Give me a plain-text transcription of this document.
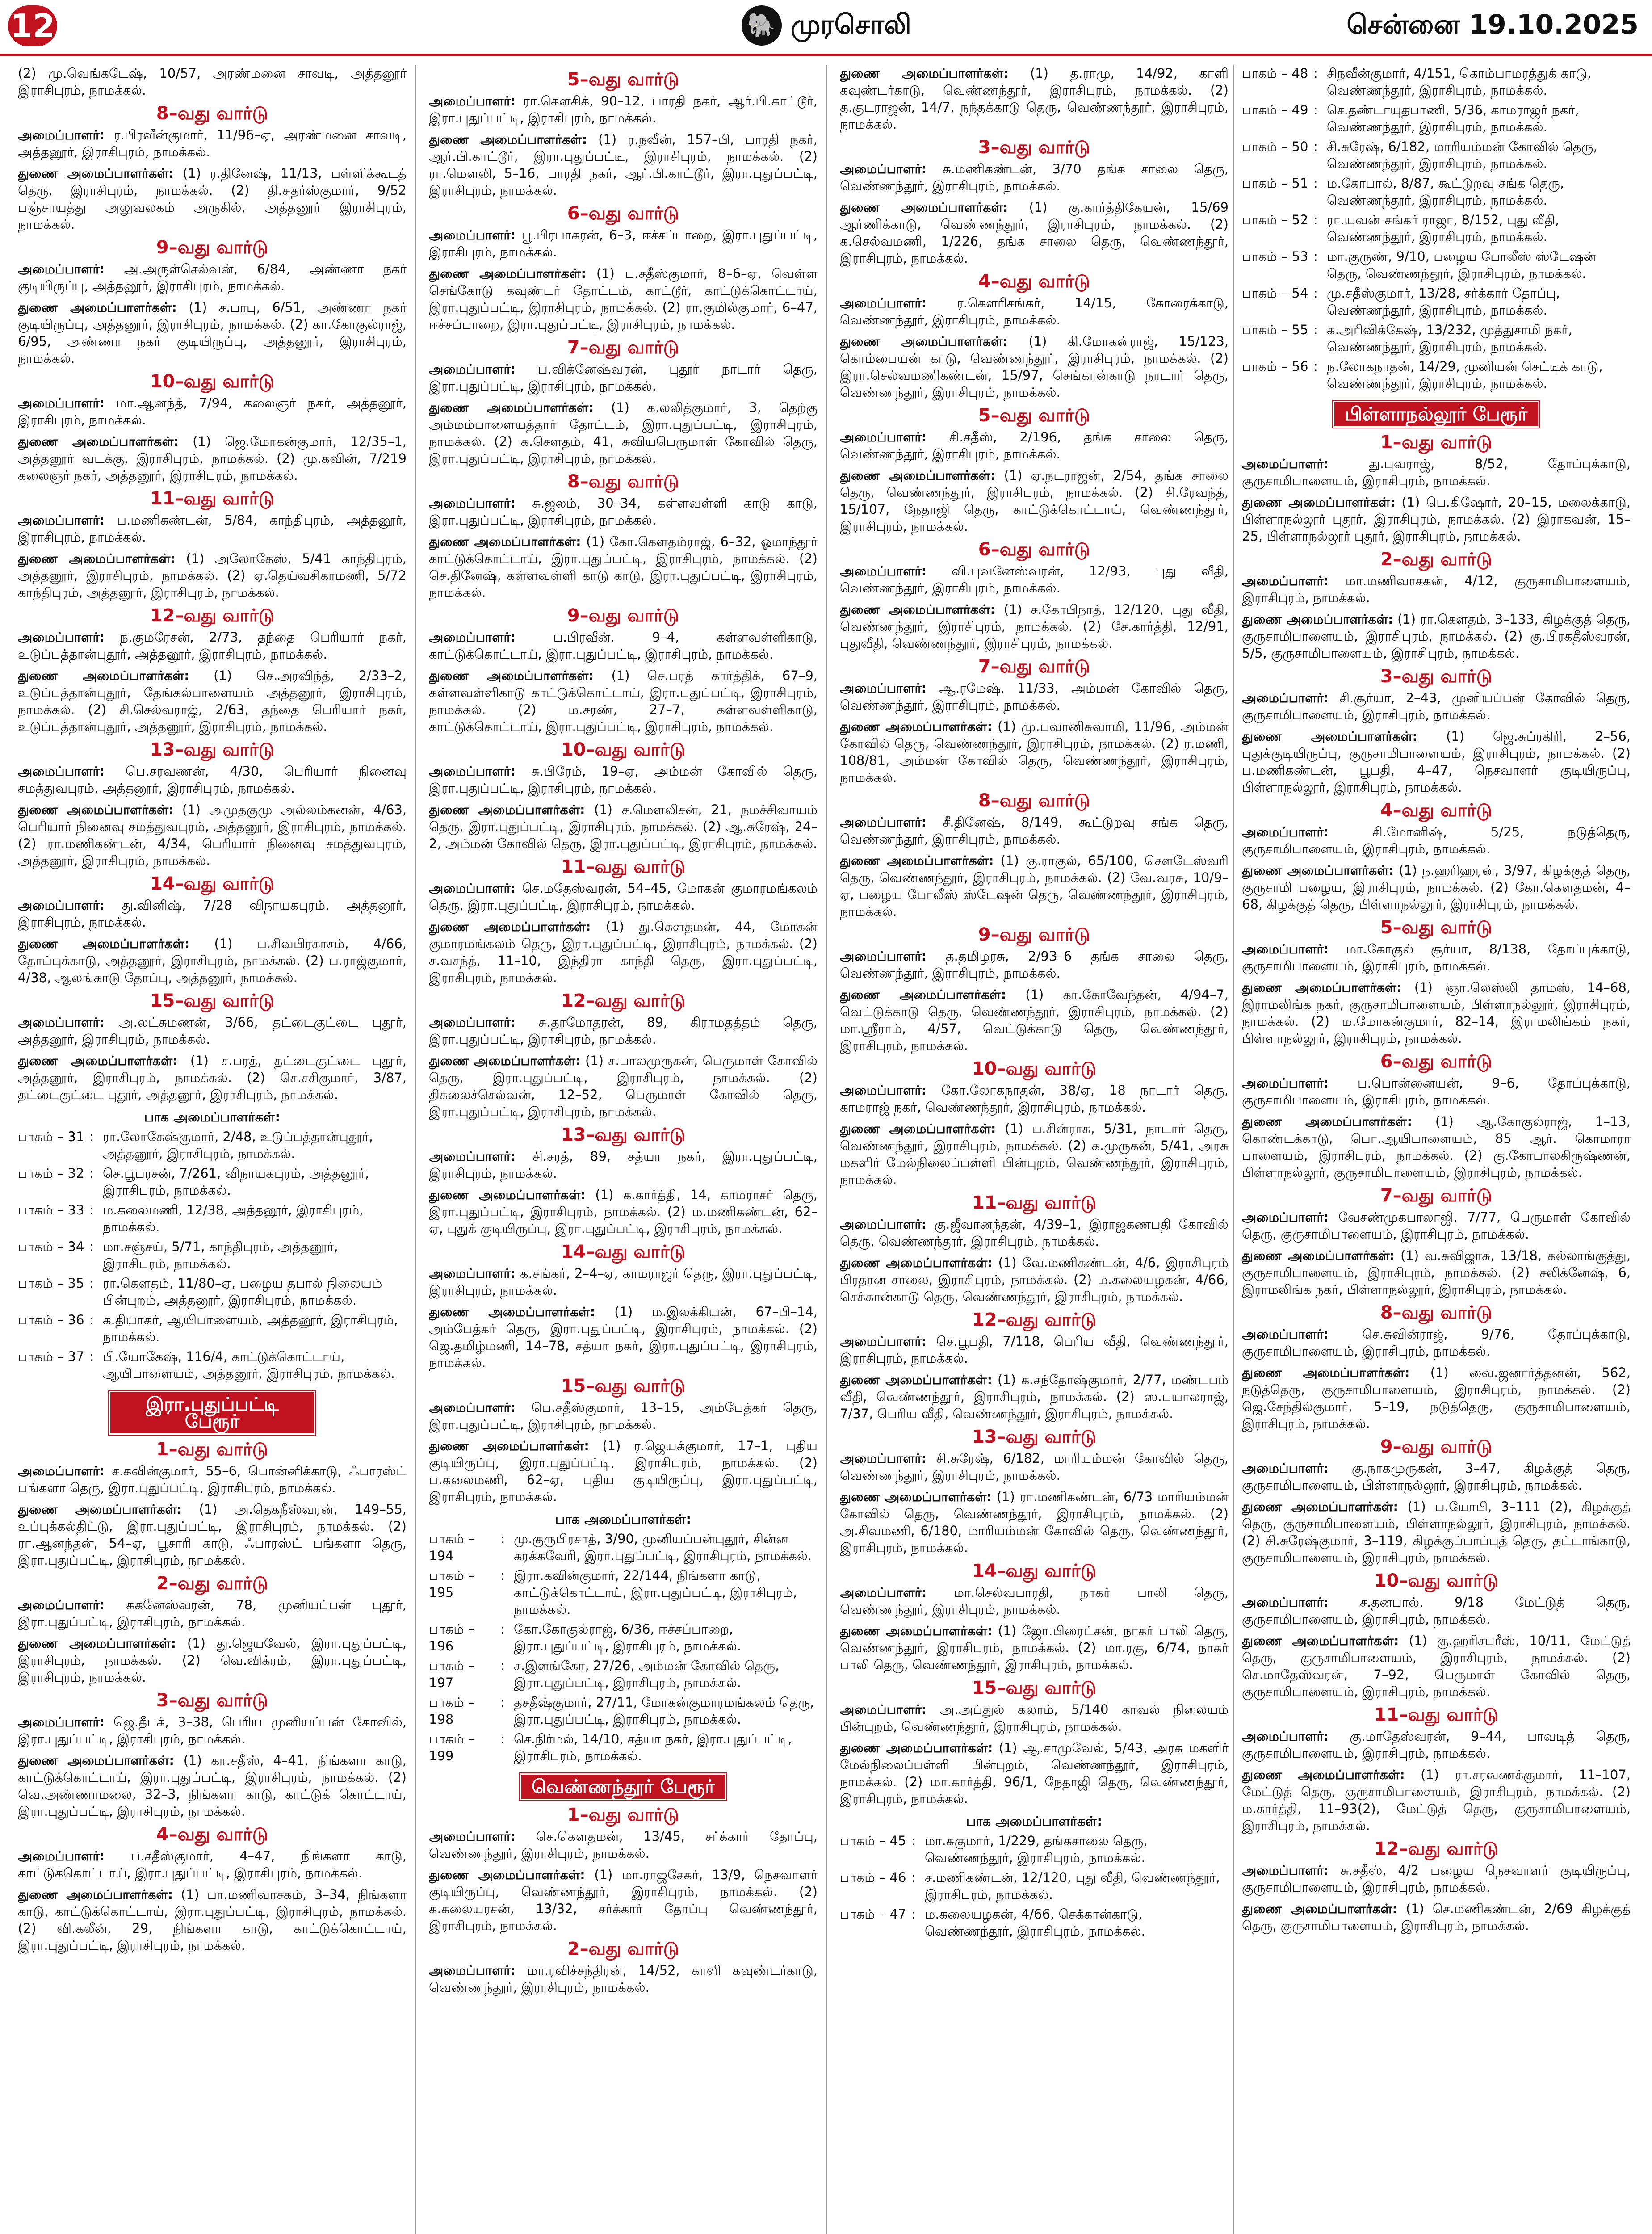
12	🐘 முரசொலி	சென்னை 19.10.2025

(2) மு.வெங்கடேஷ், 10/57, அரண்மனை சாவடி, அத்தனூர் இராசிபுரம், நாமக்கல்.

8–வது வார்டு

அமைப்பாளர்: ர.பிரவீன்குமார், 11/96–ஏ, அரண்மனை சாவடி, அத்தனூர், இராசிபுரம், நாமக்கல்.

துணை அமைப்பாளர்கள்: (1) ர.தினேஷ், 11/13, பள்ளிக்கூடத் தெரு, இராசிபுரம், நாமக்கல். (2) தி.சுதர்ஸ்குமார், 9/52 பஞ்சாயத்து அலுவலகம் அருகில், அத்தனூர் இராசிபுரம், நாமக்கல்.

9–வது வார்டு

அமைப்பாளர்: அ.அருள்செல்வன், 6/84, அண்ணா நகர் குடியிருப்பு, அத்தனூர், இராசிபுரம், நாமக்கல்.

துணை அமைப்பாளர்கள்: (1) ச.பாபு, 6/51, அண்ணா நகர் குடியிருப்பு, அத்தனூர், இராசிபுரம், நாமக்கல். (2) கா.கோகுல்ராஜ், 6/95, அண்ணா நகர் குடியிருப்பு, அத்தனூர், இராசிபுரம், நாமக்கல்.

10–வது வார்டு

அமைப்பாளர்: மா.ஆனந்த், 7/94, கலைஞர் நகர், அத்தனூர், இராசிபுரம், நாமக்கல்.

துணை அமைப்பாளர்கள்: (1) ஜெ.மோகன்குமார், 12/35–1, அத்தனூர் வடக்கு, இராசிபுரம், நாமக்கல். (2) மு.கவின், 7/219 கலைஞர் நகர், அத்தனூர், இராசிபுரம், நாமக்கல்.

11–வது வார்டு

அமைப்பாளர்: ப.மணிகண்டன், 5/84, காந்திபுரம், அத்தனூர், இராசிபுரம், நாமக்கல்.

துணை அமைப்பாளர்கள்: (1) அலோகேஸ், 5/41 காந்திபுரம், அத்தனூர், இராசிபுரம், நாமக்கல். (2) ஏ.தெய்வசிகாமணி, 5/72 காந்திபுரம், அத்தனூர், இராசிபுரம், நாமக்கல்.

12–வது வார்டு

அமைப்பாளர்: ந.குமரேசன், 2/73, தந்தை பெரியார் நகர், உடுப்பத்தான்புதூர், அத்தனூர், இராசிபுரம், நாமக்கல்.

துணை அமைப்பாளர்கள்: (1) செ.அரவிந்த், 2/33–2, உடுப்பத்தான்புதூர், தேங்கல்பாளையம் அத்தனூர், இராசிபுரம், நாமக்கல். (2) சி.செல்வராஜ், 2/63, தந்தை பெரியார் நகர், உடுப்பத்தான்புதூர், அத்தனூர், இராசிபுரம், நாமக்கல்.

13–வது வார்டு

அமைப்பாளர்: பெ.சரவணன், 4/30, பெரியார் நினைவு சமத்துவபுரம், அத்தனூர், இராசிபுரம், நாமக்கல்.

துணை அமைப்பாளர்கள்: (1) அமுதகுமு அல்லம்கனன், 4/63, பெரியார் நினைவு சமத்துவபுரம், அத்தனூர், இராசிபுரம், நாமக்கல். (2) ரா.மணிகண்டன், 4/34, பெரியார் நினைவு சமத்துவபுரம், அத்தனூர், இராசிபுரம், நாமக்கல்.

14–வது வார்டு

அமைப்பாளர்: து.வினிஷ், 7/28 விநாயகபுரம், அத்தனூர், இராசிபுரம், நாமக்கல்.

துணை அமைப்பாளர்கள்: (1) ப.சிவபிரகாசம், 4/66, தோப்புக்காடு, அத்தனூர், இராசிபுரம், நாமக்கல். (2) ப.ராஜ்குமார், 4/38, ஆலங்காடு தோப்பு, அத்தனூர், நாமக்கல்.

15–வது வார்டு

அமைப்பாளர்: அ.லட்சுமணன், 3/66, தட்டைகுட்டை புதூர், அத்தனூர், இராசிபுரம், நாமக்கல்.

துணை அமைப்பாளர்கள்: (1) ச.பரத், தட்டைகுட்டை புதூர், அத்தனூர், இராசிபுரம், நாமக்கல். (2) செ.சசிகுமார், 3/87, தட்டைகுட்டை புதூர், அத்தனூர், இராசிபுரம், நாமக்கல்.

பாக அமைப்பாளர்கள்:
பாகம் – 31 : ரா.லோகேஷ்குமார், 2/48, உடுப்பத்தான்புதூர், அத்தனூர், இராசிபுரம், நாமக்கல்.
பாகம் – 32 : செ.பூபரசன், 7/261, விநாயகபுரம், அத்தனூர், இராசிபுரம், நாமக்கல்.
பாகம் – 33 : ம.கலைமணி, 12/38, அத்தனூர், இராசிபுரம், நாமக்கல்.
பாகம் – 34 : மா.சஞ்சய், 5/71, காந்திபுரம், அத்தனூர், இராசிபுரம், நாமக்கல்.
பாகம் – 35 : ரா.கௌதம், 11/80–ஏ, பழைய தபால் நிலையம் பின்புறம், அத்தனூர், இராசிபுரம், நாமக்கல்.
பாகம் – 36 : க.தியாகர், ஆயிபாளையம், அத்தனூர், இராசிபுரம், நாமக்கல்.
பாகம் – 37 : பி.யோகேஷ், 116/4, காட்டுக்கொட்டாய், ஆயிபாளையம், அத்தனூர், இராசிபுரம், நாமக்கல்.
இரா.புதுப்பட்டி பேரூர்
1–வது வார்டு

அமைப்பாளர்: ச.கவின்குமார், 55–6, பொன்னிக்காடு, ஃபாரஸ்ட் பங்களா தெரு, இரா.புதுப்பட்டி, இராசிபுரம், நாமக்கல்.

துணை அமைப்பாளர்கள்: (1) அ.தெகநீஸ்வரன், 149–55, உப்புக்கல்திட்டு, இரா.புதுப்பட்டி, இராசிபுரம், நாமக்கல். (2) ரா.ஆனந்தன், 54–ஏ, பூசாரி காடு, ஃபாரஸ்ட் பங்களா தெரு, இரா.புதுப்பட்டி, இராசிபுரம், நாமக்கல்.

2–வது வார்டு

அமைப்பாளர்: சுகனேஸ்வரன், 78, முனியப்பன் புதூர், இரா.புதுப்பட்டி, இராசிபுரம், நாமக்கல்.

துணை அமைப்பாளர்கள்: (1) து.ஜெயவேல், இரா.புதுப்பட்டி, இராசிபுரம், நாமக்கல். (2) வெ.விக்ரம், இரா.புதுப்பட்டி, இராசிபுரம், நாமக்கல்.

3–வது வார்டு

அமைப்பாளர்: ஜெ.தீபக், 3–38, பெரிய முனியப்பன் கோவில், இரா.புதுப்பட்டி, இராசிபுரம், நாமக்கல்.

துணை அமைப்பாளர்கள்: (1) கா.சதீஸ், 4–41, நிங்களா காடு, காட்டுக்கொட்டாய், இரா.புதுப்பட்டி, இராசிபுரம், நாமக்கல். (2) வெ.அண்ணாமலை, 32–3, நிங்களா காடு, காட்டுக் கொட்டாய், இரா.புதுப்பட்டி, இராசிபுரம், நாமக்கல்.

4–வது வார்டு

அமைப்பாளர்: ப.சதீஸ்குமார், 4–47, நிங்களா காடு, காட்டுக்கொட்டாய், இரா.புதுப்பட்டி, இராசிபுரம், நாமக்கல்.

துணை அமைப்பாளர்கள்: (1) பா.மணிவாசகம், 3–34, நிங்களா காடு, காட்டுக்கொட்டாய், இரா.புதுப்பட்டி, இராசிபுரம், நாமக்கல். (2) வி.கலீன், 29, நிங்களா காடு, காட்டுக்கொட்டாய், இரா.புதுப்பட்டி, இராசிபுரம், நாமக்கல்.

5–வது வார்டு

அமைப்பாளர்: ரா.கௌசிக், 90–12, பாரதி நகர், ஆர்.பி.காட்டூர், இரா.புதுப்பட்டி, இராசிபுரம், நாமக்கல்.

துணை அமைப்பாளர்கள்: (1) ர.நவீன், 157–பி, பாரதி நகர், ஆர்.பி.காட்டூர், இரா.புதுப்பட்டி, இராசிபுரம், நாமக்கல். (2) ரா.மௌலி, 5–16, பாரதி நகர், ஆர்.பி.காட்டூர், இரா.புதுப்பட்டி, இராசிபுரம், நாமக்கல்.

6–வது வார்டு

அமைப்பாளர்: பூ.பிரபாகரன், 6–3, ஈச்சப்பாறை, இரா.புதுப்பட்டி, இராசிபுரம், நாமக்கல்.

துணை அமைப்பாளர்கள்: (1) ப.சதீஸ்குமார், 8–6–ஏ, வெள்ள செங்கோடு கவுண்டர் தோட்டம், காட்டூர், காட்டுக்கொட்டாய், இரா.புதுப்பட்டி, இராசிபுரம், நாமக்கல். (2) ரா.குமில்குமார், 6–47, ஈச்சப்பாறை, இரா.புதுப்பட்டி, இராசிபுரம், நாமக்கல்.

7–வது வார்டு

அமைப்பாளர்: ப.விக்னேஷ்வரன், புதூர் நாடார் தெரு, இரா.புதுப்பட்டி, இராசிபுரம், நாமக்கல்.

துணை அமைப்பாளர்கள்: (1) க.லலித்குமார், 3, தெற்கு அம்மம்பாளையத்தார் தோட்டம், இரா.புதுப்பட்டி, இராசிபுரம், நாமக்கல். (2) க.சௌதம், 41, சுவியபெருமாள் கோவில் தெரு, இரா.புதுப்பட்டி, இராசிபுரம், நாமக்கல்.

8–வது வார்டு

அமைப்பாளர்: சு.ஜலம், 30–34, கள்ளவள்ளி காடு காடு, இரா.புதுப்பட்டி, இராசிபுரம், நாமக்கல்.

துணை அமைப்பாளர்கள்: (1) கோ.கௌதம்ராஜ், 6–32, ஓமாந்தூர் காட்டுக்கொட்டாய், இரா.புதுப்பட்டி, இராசிபுரம், நாமக்கல். (2) செ.தினேஷ், கள்ளவள்ளி காடு காடு, இரா.புதுப்பட்டி, இராசிபுரம், நாமக்கல்.

9–வது வார்டு

அமைப்பாளர்:	ப.பிரவீன், 9–4, கள்ளவள்ளிகாடு, காட்டுக்கொட்டாய், இரா.புதுப்பட்டி, இராசிபுரம், நாமக்கல்.

துணை அமைப்பாளர்கள்: (1) செ.பரத் கார்த்திக், 67–9, கள்ளவள்ளிகாடு காட்டுக்கொட்டாய், இரா.புதுப்பட்டி, இராசிபுரம், நாமக்கல். (2) ம.சரண், 27–7, கள்ளவள்ளிகாடு, காட்டுக்கொட்டாய், இரா.புதுப்பட்டி, இராசிபுரம், நாமக்கல்.

10–வது வார்டு

அமைப்பாளர்: சு.பிரேம், 19–ஏ, அம்மன் கோவில் தெரு, இரா.புதுப்பட்டி, இராசிபுரம், நாமக்கல்.

துணை அமைப்பாளர்கள்: (1) ச.மௌலிசன், 21, நமச்சிவாயம் தெரு, இரா.புதுப்பட்டி, இராசிபுரம், நாமக்கல். (2) ஆ.சுரேஷ், 24–2, அம்மன் கோவில் தெரு, இரா.புதுப்பட்டி, இராசிபுரம், நாமக்கல்.

11–வது வார்டு

அமைப்பாளர்: செ.மதேஸ்வரன், 54–45, மோகன் குமாரமங்கலம் தெரு, இரா.புதுப்பட்டி, இராசிபுரம், நாமக்கல்.

துணை அமைப்பாளர்கள்: (1) து.கௌதமன், 44, மோகன் குமாரமங்கலம் தெரு, இரா.புதுப்பட்டி, இராசிபுரம், நாமக்கல். (2) ச.வசந்த், 11–10, இந்திரா காந்தி தெரு, இரா.புதுப்பட்டி, இராசிபுரம், நாமக்கல்.

12–வது வார்டு

அமைப்பாளர்: சு.தாமோதரன், 89, கிராமதத்தம் தெரு, இரா.புதுப்பட்டி, இராசிபுரம், நாமக்கல்.

துணை அமைப்பாளர்கள்: (1) ச.பாலமுருகன், பெருமாள் கோவில் தெரு, இரா.புதுப்பட்டி, இராசிபுரம், நாமக்கல். (2) திகலைச்செல்வன், 12–52, பெருமாள் கோவில் தெரு, இரா.புதுப்பட்டி, இராசிபுரம், நாமக்கல்.

13–வது வார்டு

அமைப்பாளர்: சி.சரத், 89, சத்யா நகர், இரா.புதுப்பட்டி, இராசிபுரம், நாமக்கல்.

துணை அமைப்பாளர்கள்: (1) க.கார்த்தி, 14, காமராசர் தெரு, இரா.புதுப்பட்டி, இராசிபுரம், நாமக்கல். (2) ம.மணிகண்டன், 62–ஏ, புதுக் குடியிருப்பு, இரா.புதுப்பட்டி, இராசிபுரம், நாமக்கல்.

14–வது வார்டு

அமைப்பாளர்: க.சங்கர், 2–4–ஏ, காமராஜர் தெரு, இரா.புதுப்பட்டி, இராசிபுரம், நாமக்கல்.

துணை அமைப்பாளர்கள்: (1) ம.இலக்கியன், 67–பி–14, அம்பேத்கர் தெரு, இரா.புதுப்பட்டி, இராசிபுரம், நாமக்கல். (2) ஜெ.தமிழ்மணி, 14–78, சத்யா நகர், இரா.புதுப்பட்டி, இராசிபுரம், நாமக்கல்.

15–வது வார்டு

அமைப்பாளர்: பெ.சதீஸ்குமார், 13–15, அம்பேத்கர் தெரு, இரா.புதுப்பட்டி, இராசிபுரம், நாமக்கல்.

துணை அமைப்பாளர்கள்: (1) ர.ஜெயக்குமார், 17–1, புதிய குடியிருப்பு, இரா.புதுப்பட்டி, இராசிபுரம், நாமக்கல். (2) ப.கலைமணி, 62–ஏ, புதிய குடியிருப்பு, இரா.புதுப்பட்டி, இராசிபுரம், நாமக்கல்.

பாக அமைப்பாளர்கள்:
பாகம் – 194
: மு.குருபிரசாத், 3/90, முனியப்பன்புதூர், சின்ன கரக்கவேரி, இரா.புதுப்பட்டி, இராசிபுரம், நாமக்கல்.
பாகம் – 195
: இரா.கவின்குமார், 22/144, நிங்களா காடு, காட்டுக்கொட்டாய், இரா.புதுப்பட்டி, இராசிபுரம், நாமக்கல்.
பாகம் – 196
: கோ.கோகுல்ராஜ், 6/36, ஈச்சப்பாறை, இரா.புதுப்பட்டி, இராசிபுரம், நாமக்கல்.
பாகம் – 197
: ச.இளங்கோ, 27/26, அம்மன் கோவில் தெரு, இரா.புதுப்பட்டி, இராசிபுரம், நாமக்கல்.
பாகம் – 198
: தசதீஷ்குமார், 27/11, மோகன்குமாரமங்கலம் தெரு, இரா.புதுப்பட்டி, இராசிபுரம், நாமக்கல்.
பாகம் – 199
: செ.நிர்மல், 14/10, சத்யா நகர், இரா.புதுப்பட்டி, இராசிபுரம், நாமக்கல்.
வெண்ணந்தூர் பேரூர்
1–வது வார்டு

அமைப்பாளர்: செ.கௌதமன், 13/45, சர்க்கார் தோப்பு, வெண்ணந்தூர், இராசிபுரம், நாமக்கல்.

துணை அமைப்பாளர்கள்: (1) மா.ராஜசேகர், 13/9, நெசவாளர் குடியிருப்பு, வெண்ணந்தூர், இராசிபுரம், நாமக்கல். (2) க.கலையரசன், 13/32, சர்க்கார் தோப்பு வெண்ணந்தூர், இராசிபுரம், நாமக்கல்.

2–வது வார்டு

அமைப்பாளர்: மா.ரவிச்சந்திரன், 14/52, காளி கவுண்டர்காடு, வெண்ணந்தூர், இராசிபுரம், நாமக்கல்.

துணை அமைப்பாளர்கள்: (1) த.ராமு, 14/92, காளி கவுண்டர்காடு, வெண்ணந்தூர், இராசிபுரம், நாமக்கல். (2) த.குடராஜன், 14/7, நந்தக்காடு தெரு, வெண்ணந்தூர், இராசிபுரம், நாமக்கல்.

3–வது வார்டு

அமைப்பாளர்: சு.மணிகண்டன், 3/70 தங்க சாலை தெரு, வெண்ணந்தூர், இராசிபுரம், நாமக்கல்.

துணை அமைப்பாளர்கள்: (1) கு.கார்த்திகேயன், 15/69 ஆர்ணிக்காடு, வெண்ணந்தூர், இராசிபுரம், நாமக்கல். (2) க.செல்வமணி, 1/226, தங்க சாலை தெரு, வெண்ணந்தூர், இராசிபுரம், நாமக்கல்.

4–வது வார்டு

அமைப்பாளர்: ர.கௌரிசங்கர், 14/15, கோரைக்காடு, வெண்ணந்தூர், இராசிபுரம், நாமக்கல்.

துணை அமைப்பாளர்கள்: (1) கி.மோகன்ராஜ், 15/123, கொம்பையன் காடு, வெண்ணந்தூர், இராசிபுரம், நாமக்கல். (2) இரா.செல்வமணிகண்டன், 15/97, செங்கான்காடு நாடார் தெரு, வெண்ணந்தூர், இராசிபுரம், நாமக்கல்.

5–வது வார்டு

அமைப்பாளர்: சி.சதீஸ், 2/196, தங்க சாலை தெரு, வெண்ணந்தூர், இராசிபுரம், நாமக்கல்.

துணை அமைப்பாளர்கள்: (1) ஏ.நடராஜன், 2/54, தங்க சாலை தெரு, வெண்ணந்தூர், இராசிபுரம், நாமக்கல். (2) சி.ரேவந்த், 15/107, நேதாஜி தெரு, காட்டுக்கொட்டாய், வெண்ணந்தூர், இராசிபுரம், நாமக்கல்.

6–வது வார்டு

அமைப்பாளர்: வி.புவனேஸ்வரன், 12/93, புது வீதி, வெண்ணந்தூர், இராசிபுரம், நாமக்கல்.

துணை அமைப்பாளர்கள்: (1) ச.கோபிநாத், 12/120, புது வீதி, வெண்ணந்தூர், இராசிபுரம், நாமக்கல். (2) சே.கார்த்தி, 12/91, புதுவீதி, வெண்ணந்தூர், இராசிபுரம், நாமக்கல்.

7–வது வார்டு

அமைப்பாளர்: ஆ.ரமேஷ், 11/33, அம்மன் கோவில் தெரு, வெண்ணந்தூர், இராசிபுரம், நாமக்கல்.

துணை அமைப்பாளர்கள்: (1) மு.பவானிசுவாமி, 11/96, அம்மன் கோவில் தெரு, வெண்ணந்தூர், இராசிபுரம், நாமக்கல். (2) ர.மணி, 108/81, அம்மன் கோவில் தெரு, வெண்ணந்தூர், இராசிபுரம், நாமக்கல்.

8–வது வார்டு

அமைப்பாளர்: சீ.தினேஷ், 8/149, கூட்டுறவு சங்க தெரு, வெண்ணந்தூர், இராசிபுரம், நாமக்கல்.

துணை அமைப்பாளர்கள்: (1) கு.ராகுல், 65/100, சௌடேஸ்வரி தெரு, வெண்ணந்தூர், இராசிபுரம், நாமக்கல். (2) வே.வரசு, 10/9–ஏ, பழைய போலீஸ் ஸ்டேஷன் தெரு, வெண்ணந்தூர், இராசிபுரம், நாமக்கல்.

9–வது வார்டு

அமைப்பாளர்: த.தமிழரசு, 2/93–6 தங்க சாலை தெரு, வெண்ணந்தூர், இராசிபுரம், நாமக்கல்.

துணை அமைப்பாளர்கள்: (1) கா.கோவேந்தன், 4/94–7, வெட்டுக்காடு தெரு, வெண்ணந்தூர், இராசிபுரம், நாமக்கல். (2) மா.ஸ்ரீராம், 4/57, வெட்டுக்காடு தெரு, வெண்ணந்தூர், இராசிபுரம், நாமக்கல்.

10–வது வார்டு

அமைப்பாளர்: கோ.லோகநாதன், 38/ஏ, 18 நாடார் தெரு, காமராஜ் நகர், வெண்ணந்தூர், இராசிபுரம், நாமக்கல்.

துணை அமைப்பாளர்கள்: (1) ப.சின்ராசு, 5/31, நாடார் தெரு, வெண்ணந்தூர், இராசிபுரம், நாமக்கல். (2) க.முருகன், 5/41, அரசு மகளிர் மேல்நிலைப்பள்ளி பின்புறம், வெண்ணந்தூர், இராசிபுரம், நாமக்கல்.

11–வது வார்டு

அமைப்பாளர்: கு.ஜீவானந்தன், 4/39–1, இராஜகணபதி கோவில் தெரு, வெண்ணந்தூர், இராசிபுரம், நாமக்கல்.

துணை அமைப்பாளர்கள்: (1) வே.மணிகண்டன், 4/6, இராசிபுரம் பிரதான சாலை, இராசிபுரம், நாமக்கல். (2) ம.கலையழகன், 4/66, செக்கான்காடு தெரு, வெண்ணந்தூர், இராசிபுரம், நாமக்கல்.

12–வது வார்டு

அமைப்பாளர்: செ.பூபதி, 7/118, பெரிய வீதி, வெண்ணந்தூர், இராசிபுரம், நாமக்கல்.

துணை அமைப்பாளர்கள்: (1) க.சந்தோஷ்குமார், 2/77, மண்டபம் வீதி, வெண்ணந்தூர், இராசிபுரம், நாமக்கல். (2) ஸ.பயாலராஜ், 7/37, பெரிய வீதி, வெண்ணந்தூர், இராசிபுரம், நாமக்கல்.

13–வது வார்டு

அமைப்பாளர்: சி.சுரேஷ், 6/182, மாரியம்மன் கோவில் தெரு, வெண்ணந்தூர், இராசிபுரம், நாமக்கல்.

துணை அமைப்பாளர்கள்: (1) ரா.மணிகண்டன், 6/73 மாரியம்மன் கோவில் தெரு, வெண்ணந்தூர், இராசிபுரம், நாமக்கல். (2) அ.சிவமணி, 6/180, மாரியம்மன் கோவில் தெரு, வெண்ணந்தூர், இராசிபுரம், நாமக்கல்.

14–வது வார்டு

அமைப்பாளர்: மா.செல்வபாரதி, நாகர் பாலி தெரு, வெண்ணந்தூர், இராசிபுரம், நாமக்கல்.

துணை அமைப்பாளர்கள்: (1) ஜோ.பிரைட்சன், நாகர் பாலி தெரு, வெண்ணந்தூர், இராசிபுரம், நாமக்கல். (2) மா.ரகு, 6/74, நாகர் பாலி தெரு, வெண்ணந்தூர், இராசிபுரம், நாமக்கல்.

15–வது வார்டு

அமைப்பாளர்: அ.அப்துல் கலாம், 5/140 காவல் நிலையம் பின்புறம், வெண்ணந்தூர், இராசிபுரம், நாமக்கல்.

துணை அமைப்பாளர்கள்: (1) ஆ.சாமுவேல், 5/43, அரசு மகளிர் மேல்நிலைப்பள்ளி பின்புறம், வெண்ணந்தூர், இராசிபுரம், நாமக்கல். (2) மா.கார்த்தி, 96/1, நேதாஜி தெரு, வெண்ணந்தூர், இராசிபுரம், நாமக்கல்.

பாக அமைப்பாளர்கள்:
பாகம் – 45 : மா.சுகுமார், 1/229, தங்கசாலை தெரு, வெண்ணந்தூர், இராசிபுரம், நாமக்கல்.
பாகம் – 46 : ச.மணிகண்டன், 12/120, புது வீதி, வெண்ணந்தூர், இராசிபுரம், நாமக்கல்.
பாகம் – 47 : ம.கலையழகன், 4/66, செக்கான்காடு, வெண்ணந்தூர், இராசிபுரம், நாமக்கல்.
பாகம் – 48 : சிநவீன்குமார், 4/151, கொம்பாமரத்துக் காடு, வெண்ணந்தூர், இராசிபுரம், நாமக்கல்.
பாகம் – 49 : செ.தண்டாயுதபாணி, 5/36, காமராஜர் நகர், வெண்ணந்தூர், இராசிபுரம், நாமக்கல்.
பாகம் – 50 : சி.சுரேஷ், 6/182, மாரியம்மன் கோவில் தெரு, வெண்ணந்தூர், இராசிபுரம், நாமக்கல்.
பாகம் – 51 : ம.கோபால், 8/87, கூட்டுறவு சங்க தெரு, வெண்ணந்தூர், இராசிபுரம், நாமக்கல்.
பாகம் – 52 : ரா.யுவன் சங்கர் ராஜா, 8/152, புது வீதி, வெண்ணந்தூர், இராசிபுரம், நாமக்கல்.
பாகம் – 53 : மா.குருண், 9/10, பழைய போலீஸ் ஸ்டேஷன் தெரு, வெண்ணந்தூர், இராசிபுரம், நாமக்கல்.
பாகம் – 54 : மு.சதீஸ்குமார், 13/28, சர்க்கார் தோப்பு, வெண்ணந்தூர், இராசிபுரம், நாமக்கல்.
பாகம் – 55 : க.அரிவிக்கேஷ், 13/232, முத்துசாமி நகர், வெண்ணந்தூர், இராசிபுரம், நாமக்கல்.
பாகம் – 56 : ந.லோகநாதன், 14/29, முனியன் செட்டிக் காடு, வெண்ணந்தூர், இராசிபுரம், நாமக்கல்.
பிள்ளாநல்லூர் பேரூர்
1–வது வார்டு

அமைப்பாளர்:	து.புவராஜ், 8/52, தோப்புக்காடு, குருசாமிபாளையம், இராசிபுரம், நாமக்கல்.

துணை அமைப்பாளர்கள்: (1) பெ.கிஷோர், 20–15, மலைக்காடு, பிள்ளாநல்லூர் புதூர், இராசிபுரம், நாமக்கல். (2) இராகவன், 15–25, பிள்ளாநல்லூர் புதூர், இராசிபுரம், நாமக்கல்.

2–வது வார்டு

அமைப்பாளர்: மா.மணிவாசகன், 4/12, குருசாமிபாளையம், இராசிபுரம், நாமக்கல்.

துணை அமைப்பாளர்கள்: (1) ரா.கௌதம், 3–133, கிழக்குத் தெரு, குருசாமிபாளையம், இராசிபுரம், நாமக்கல். (2) கு.பிரகதீஸ்வரன், 5/5, குருசாமிபாளையம், இராசிபுரம், நாமக்கல்.

3–வது வார்டு

அமைப்பாளர்: சி.சூர்யா, 2–43, முனியப்பன் கோவில் தெரு, குருசாமிபாளையம், இராசிபுரம், நாமக்கல்.

துணை அமைப்பாளர்கள்: (1) ஜெ.சுப்ரகிரி, 2–56, புதுக்குடியிருப்பு, குருசாமிபாளையம், இராசிபுரம், நாமக்கல். (2) ப.மணிகண்டன், பூபதி, 4–47, நெசவாளர் குடியிருப்பு, பிள்ளாநல்லூர், இராசிபுரம், நாமக்கல்.

4–வது வார்டு

அமைப்பாளர்:	சி.மோனிஷ், 5/25, நடுத்தெரு, குருசாமிபாளையம், இராசிபுரம், நாமக்கல்.

துணை அமைப்பாளர்கள்: (1) ந.ஹரிஹரன், 3/97, கிழக்குத் தெரு, குருசாமி பழைய, இராசிபுரம், நாமக்கல். (2) கோ.கௌதமன், 4–68, கிழக்குத் தெரு, பிள்ளாநல்லூர், இராசிபுரம், நாமக்கல்.

5–வது வார்டு

அமைப்பாளர்: மா.கோகுல் சூர்யா, 8/138, தோப்புக்காடு, குருசாமிபாளையம், இராசிபுரம், நாமக்கல்.

துணை அமைப்பாளர்கள்: (1) ஞா.லெஸ்லி தாமஸ், 14–68, இராமலிங்க நகர், குருசாமிபாளையம், பிள்ளாநல்லூர், இராசிபுரம், நாமக்கல். (2) ம.மோகன்குமார், 82–14, இராமலிங்கம் நகர், பிள்ளாநல்லூர், இராசிபுரம், நாமக்கல்.

6–வது வார்டு

அமைப்பாளர்: ப.பொன்னையன், 9–6, தோப்புக்காடு, குருசாமிபாளையம், இராசிபுரம், நாமக்கல்.

துணை அமைப்பாளர்கள்: (1) ஆ.கோகுல்ராஜ், 1–13, கொண்டக்காடு, பொ.ஆயிபாளையம், 85 ஆர். கொமாரா பாளையம், இராசிபுரம், நாமக்கல். (2) கு.கோபாலகிருஷ்ணன், பிள்ளாநல்லூர், குருசாமிபாளையம், இராசிபுரம், நாமக்கல்.

7–வது வார்டு

அமைப்பாளர்: வேசண்முகபாலாஜி, 7/77, பெருமாள் கோவில் தெரு, குருசாமிபாளையம், இராசிபுரம், நாமக்கல்.

துணை அமைப்பாளர்கள்: (1) வ.சுவிஜாசு, 13/18, கல்லாங்குத்து, குருசாமிபாளையம், இராசிபுரம், நாமக்கல். (2) சலிக்னேஷ், 6, இராமலிங்க நகர், பிள்ளாநல்லூர், இராசிபுரம், நாமக்கல்.

8–வது வார்டு

அமைப்பாளர்:	செ.சுவின்ராஜ், 9/76, தோப்புக்காடு, குருசாமிபாளையம், இராசிபுரம், நாமக்கல்.

துணை அமைப்பாளர்கள்: (1) வை.ஜனார்த்தனன், 562, நடுத்தெரு, குருசாமிபாளையம், இராசிபுரம், நாமக்கல். (2) ஜெ.சேந்தில்குமார், 5–19, நடுத்தெரு, குருசாமிபாளையம், இராசிபுரம், நாமக்கல்.

9–வது வார்டு

அமைப்பாளர்: கு.நாகமுருகன், 3–47, கிழக்குத் தெரு, குருசாமிபாளையம், பிள்ளாநல்லூர், இராசிபுரம், நாமக்கல்.

துணை அமைப்பாளர்கள்: (1) ப.யோபி, 3–111 (2), கிழக்குத் தெரு, குருசாமிபாளையம், பிள்ளாநல்லூர், இராசிபுரம், நாமக்கல். (2) சி.சுரேஷ்குமார், 3–119, கிழக்குப்பாப்புத் தெரு, தட்டாங்காடு, குருசாமிபாளையம், இராசிபுரம், நாமக்கல்.

10–வது வார்டு

அமைப்பாளர்: ச.தனபால், 9/18 மேட்டுத் தெரு, குருசாமிபாளையம், இராசிபுரம், நாமக்கல்.

துணை அமைப்பாளர்கள்: (1) கு.ஹரிசபரீஸ், 10/11, மேட்டுத் தெரு, குருசாமிபாளையம், இராசிபுரம், நாமக்கல். (2) செ.மாதேஸ்வரன், 7–92, பெருமாள் கோவில் தெரு, குருசாமிபாளையம், இராசிபுரம், நாமக்கல்.

11–வது வார்டு

அமைப்பாளர்: கு.மாதேஸ்வரன், 9–44, பாவடித் தெரு, குருசாமிபாளையம், இராசிபுரம், நாமக்கல்.

துணை அமைப்பாளர்கள்: (1) ரா.சரவணக்குமார், 11–107, மேட்டுத் தெரு, குருசாமிபாளையம், இராசிபுரம், நாமக்கல். (2) ம.கார்த்தி, 11–93(2), மேட்டுத் தெரு, குருசாமிபாளையம், இராசிபுரம், நாமக்கல்.

12–வது வார்டு

அமைப்பாளர்: சு.சதீஸ், 4/2 பழைய நெசவாளர் குடியிருப்பு, குருசாமிபாளையம், இராசிபுரம், நாமக்கல்.

துணை அமைப்பாளர்கள்: (1) செ.மணிகண்டன், 2/69 கிழக்குத் தெரு, குருசாமிபாளையம், இராசிபுரம், நாமக்கல்.
